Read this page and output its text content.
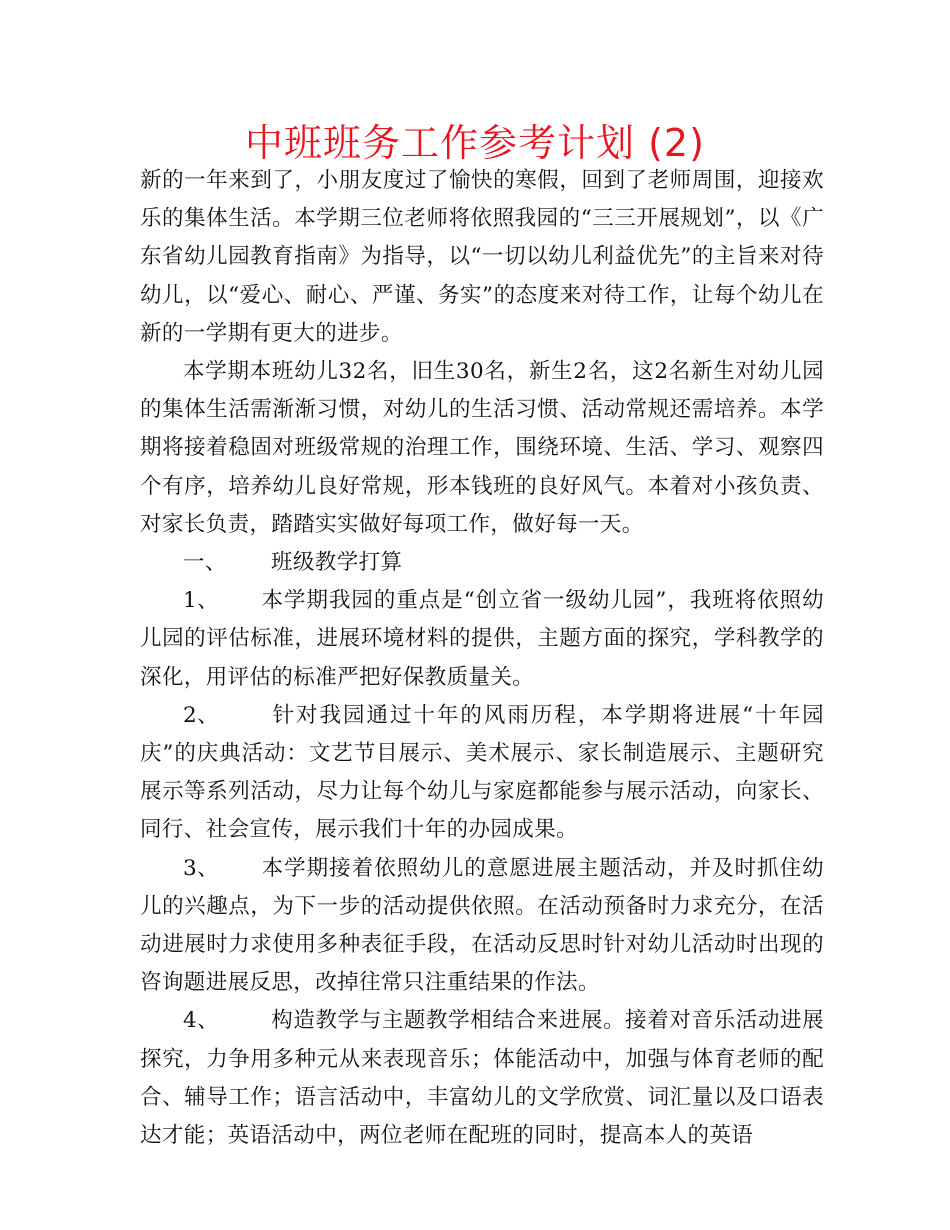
中班班务工作参考计划 (2)

新的一年来到了，小朋友度过了愉快的寒假，回到了老师周围，迎接欢乐的集体生活。本学期三位老师将依照我园的“三三开展规划”，以《广东省幼儿园教育指南》为指导，以“一切以幼儿利益优先”的主旨来对待幼儿，以“爱心、耐心、严谨、务实”的态度来对待工作，让每个幼儿在新的一学期有更大的进步。

本学期本班幼儿32名，旧生30名，新生2名，这2名新生对幼儿园的集体生活需渐渐习惯，对幼儿的生活习惯、活动常规还需培养。本学期将接着稳固对班级常规的治理工作，围绕环境、生活、学习、观察四个有序，培养幼儿良好常规，形本钱班的良好风气。本着对小孩负责、对家长负责，踏踏实实做好每项工作，做好每一天。

一、 班级教学打算

1、 本学期我园的重点是“创立省一级幼儿园”，我班将依照幼儿园的评估标准，进展环境材料的提供，主题方面的探究，学科教学的深化，用评估的标准严把好保教质量关。

2、 针对我园通过十年的风雨历程，本学期将进展“十年园庆”的庆典活动：文艺节目展示、美术展示、家长制造展示、主题研究展示等系列活动，尽力让每个幼儿与家庭都能参与展示活动，向家长、同行、社会宣传，展示我们十年的办园成果。

3、 本学期接着依照幼儿的意愿进展主题活动，并及时抓住幼儿的兴趣点，为下一步的活动提供依照。在活动预备时力求充分，在活动进展时力求使用多种表征手段，在活动反思时针对幼儿活动时出现的咨询题进展反思，改掉往常只注重结果的作法。

4、 构造教学与主题教学相结合来进展。接着对音乐活动进展探究，力争用多种元从来表现音乐；体能活动中，加强与体育老师的配合、辅导工作；语言活动中，丰富幼儿的文学欣赏、词汇量以及口语表达才能；英语活动中，两位老师在配班的同时，提高本人的英语
